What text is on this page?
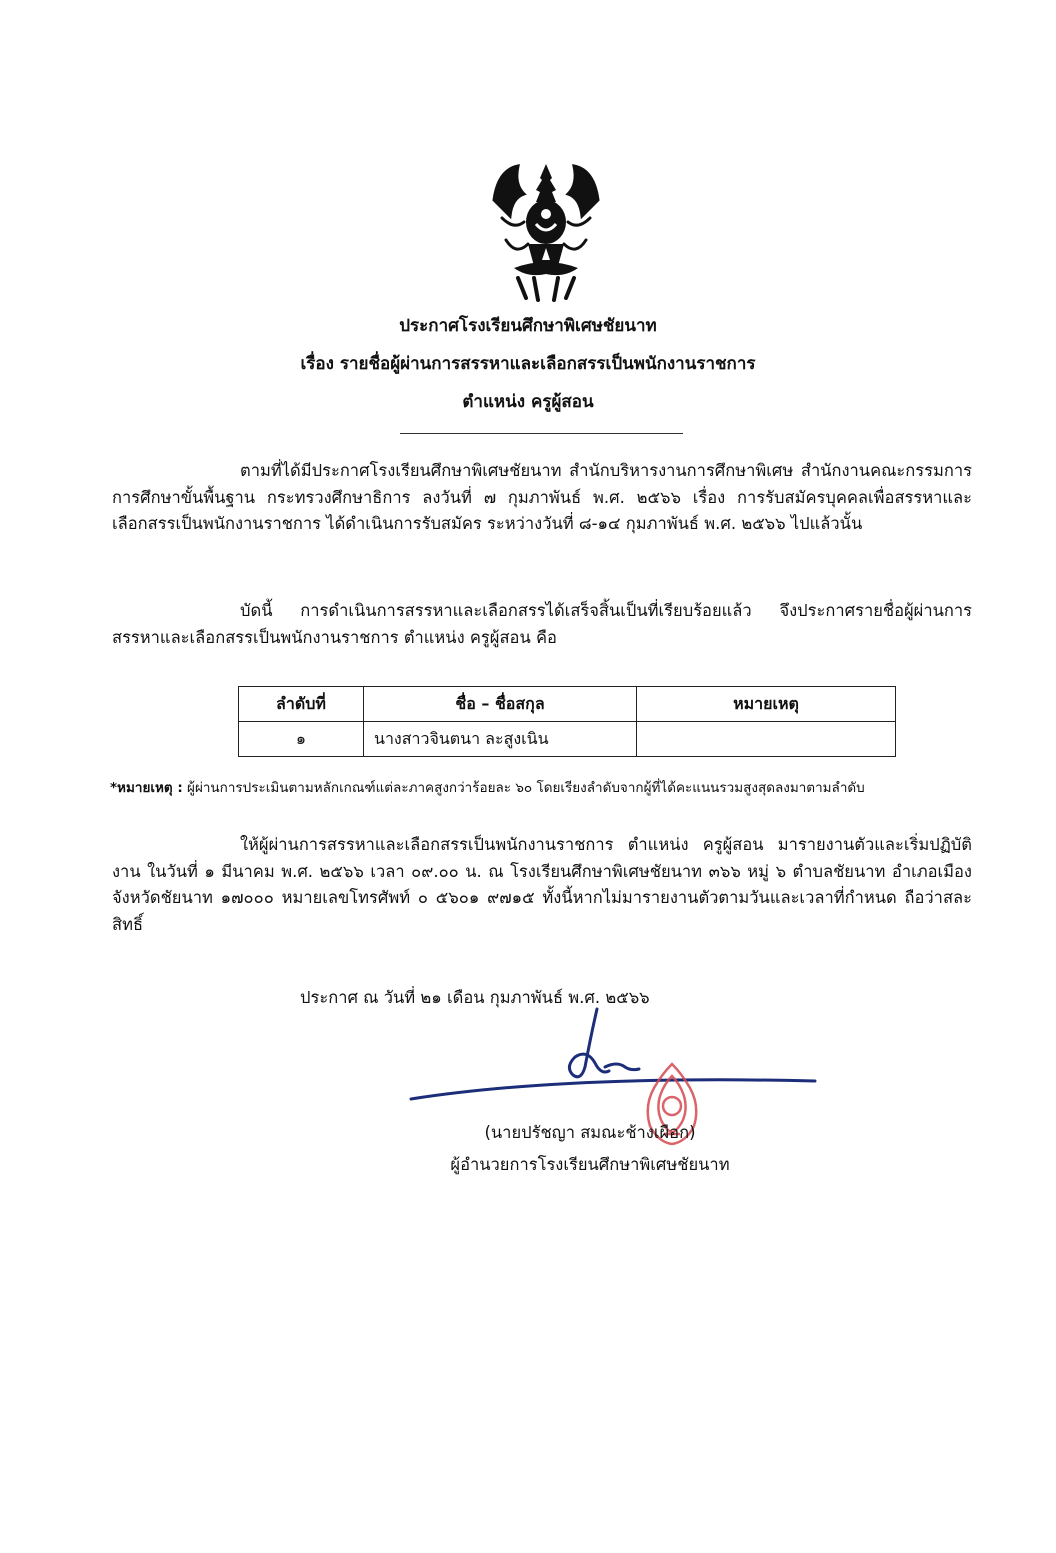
ประกาศโรงเรียนศึกษาพิเศษชัยนาท
เรื่อง รายชื่อผู้ผ่านการสรรหาและเลือกสรรเป็นพนักงานราชการ
ตำแหน่ง ครูผู้สอน
ตามที่ได้มีประกาศโรงเรียนศึกษาพิเศษชัยนาท สำนักบริหารงานการศึกษาพิเศษ สำนักงานคณะกรรมการการศึกษาขั้นพื้นฐาน กระทรวงศึกษาธิการ ลงวันที่ ๗ กุมภาพันธ์ พ.ศ. ๒๕๖๖ เรื่อง การรับสมัครบุคคลเพื่อสรรหาและเลือกสรรเป็นพนักงานราชการ ได้ดำเนินการรับสมัคร ระหว่างวันที่ ๘-๑๔ กุมภาพันธ์ พ.ศ. ๒๕๖๖ ไปแล้วนั้น
บัดนี้ การดำเนินการสรรหาและเลือกสรรได้เสร็จสิ้นเป็นที่เรียบร้อยแล้ว จึงประกาศรายชื่อผู้ผ่านการสรรหาและเลือกสรรเป็นพนักงานราชการ ตำแหน่ง ครูผู้สอน คือ
ลำดับที่	ชื่อ – ชื่อสกุล	หมายเหตุ
๑	นางสาวจินตนา ละสูงเนิน	
*หมายเหตุ : ผู้ผ่านการประเมินตามหลักเกณฑ์แต่ละภาคสูงกว่าร้อยละ ๖๐ โดยเรียงลำดับจากผู้ที่ได้คะแนนรวมสูงสุดลงมาตามลำดับ
ให้ผู้ผ่านการสรรหาและเลือกสรรเป็นพนักงานราชการ ตำแหน่ง ครูผู้สอน มารายงานตัวและเริ่มปฏิบัติงาน ในวันที่ ๑ มีนาคม พ.ศ. ๒๕๖๖ เวลา ๐๙.๐๐ น. ณ โรงเรียนศึกษาพิเศษชัยนาท ๓๖๖ หมู่ ๖ ตำบลชัยนาท อำเภอเมือง จังหวัดชัยนาท ๑๗๐๐๐ หมายเลขโทรศัพท์ ๐ ๕๖๐๑ ๙๗๑๕ ทั้งนี้หากไม่มารายงานตัวตามวันและเวลาที่กำหนด ถือว่าสละสิทธิ์
ประกาศ ณ วันที่ ๒๑ เดือน กุมภาพันธ์ พ.ศ. ๒๕๖๖
(นายปรัชญา สมณะช้างเผือก)
ผู้อำนวยการโรงเรียนศึกษาพิเศษชัยนาท
